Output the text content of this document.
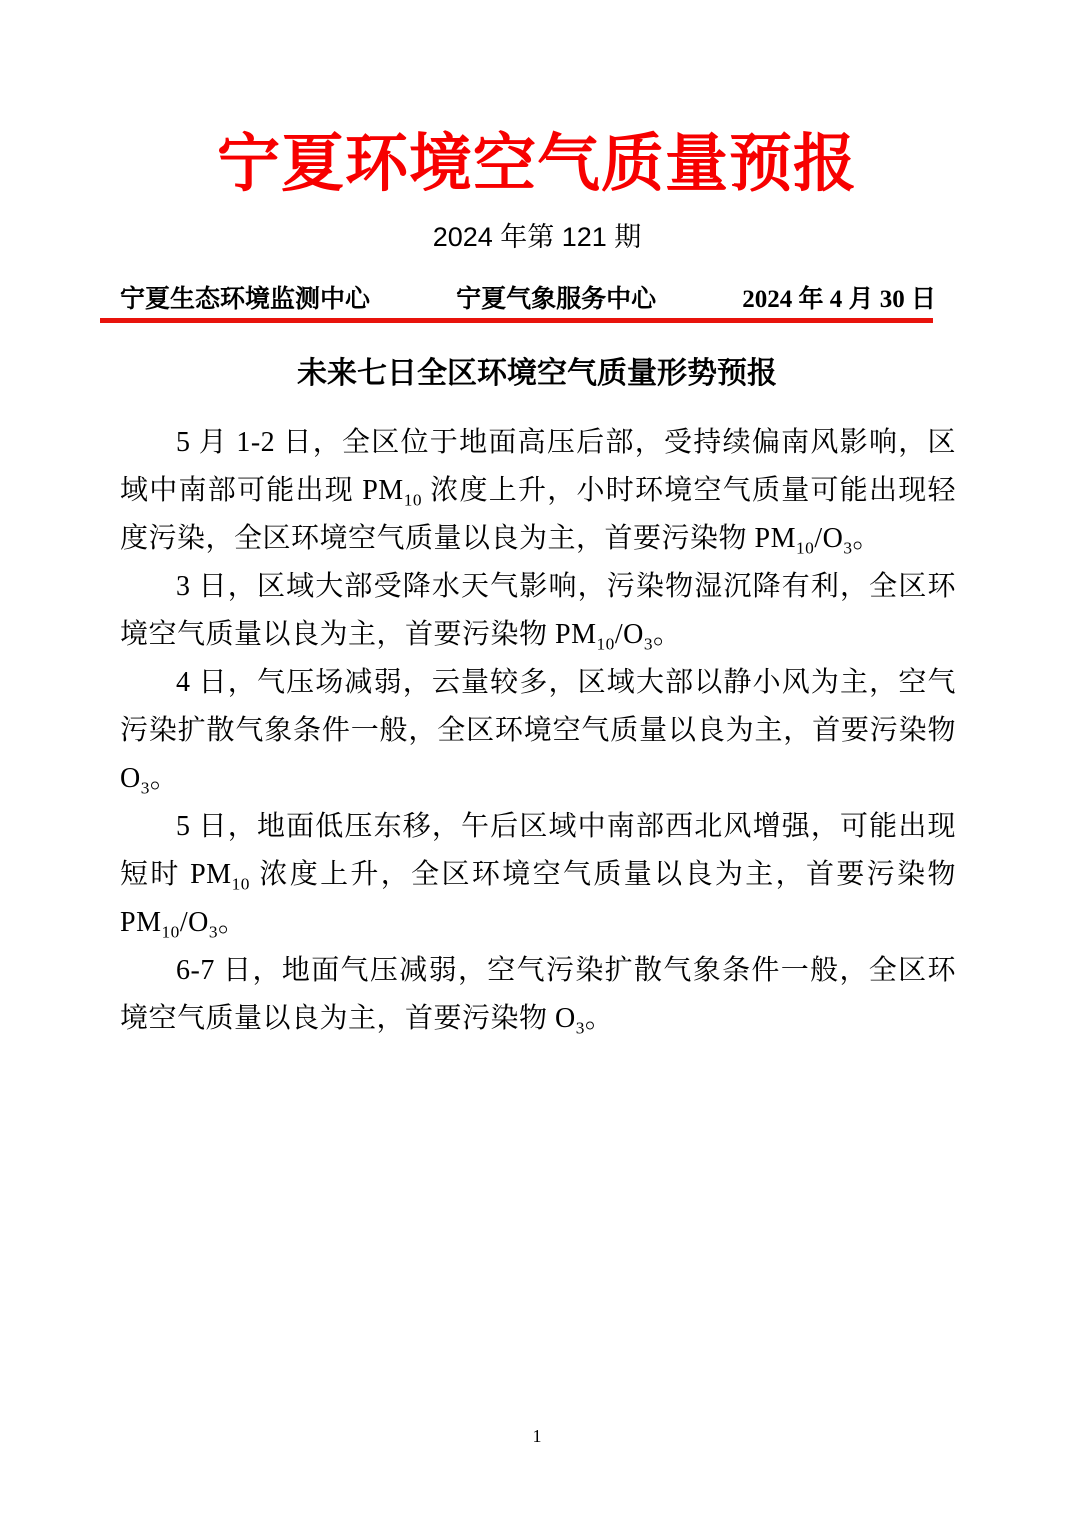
宁夏环境空气质量预报
2024 年第 121 期
宁夏生态环境监测中心	宁夏气象服务中心	2024 年 4 月 30 日
未来七日全区环境空气质量形势预报

5 月 1-2 日，全区位于地面高压后部，受持续偏南风影响，区域中南部可能出现 $PM_{10}$ 浓度上升，小时环境空气质量可能出现轻度污染，全区环境空气质量以良为主，首要污染物 $PM_{10}/O_3$。

3 日，区域大部受降水天气影响，污染物湿沉降有利，全区环境空气质量以良为主，首要污染物 $PM_{10}/O_3$。

4 日，气压场减弱，云量较多，区域大部以静小风为主，空气污染扩散气象条件一般，全区环境空气质量以良为主，首要污染物 $O_3$。

5 日，地面低压东移，午后区域中南部西北风增强，可能出现短时 $PM_{10}$ 浓度上升，全区环境空气质量以良为主，首要污染物 $PM_{10}/O_3$。

6-7 日，地面气压减弱，空气污染扩散气象条件一般，全区环境空气质量以良为主，首要污染物 $O_3$。

1
